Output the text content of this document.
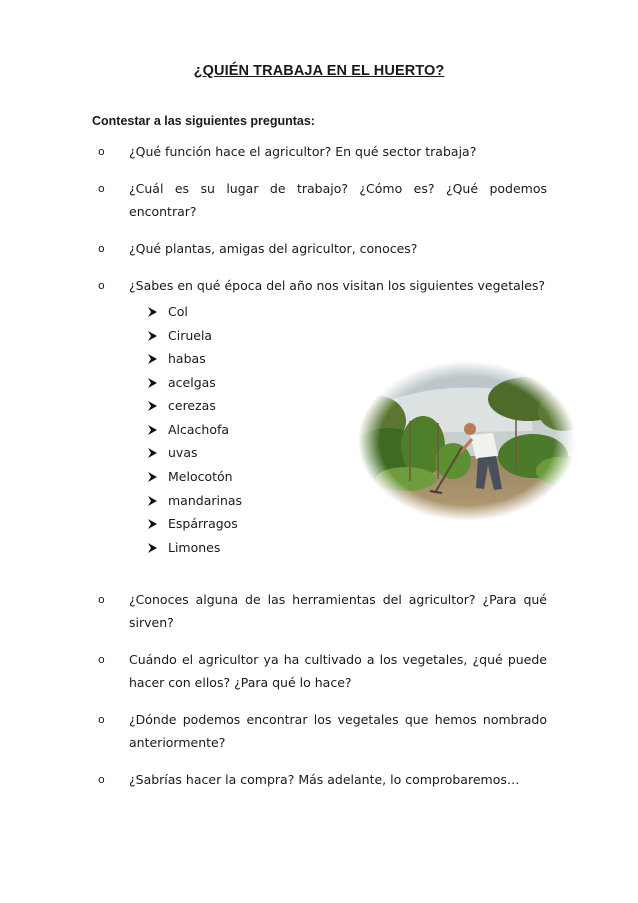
¿QUIÉN TRABAJA EN EL HUERTO?
Contestar a las siguientes preguntas:
o ¿Qué función hace el agricultor? En qué sector trabaja?
o ¿Cuál es su lugar de trabajo? ¿Cómo es? ¿Qué podemos
encontrar?
o ¿Qué plantas, amigas del agricultor, conoces?
o ¿Sabes en qué época del año nos visitan los siguientes vegetales?
Col
Ciruela
habas
acelgas
cerezas
Alcachofa
uvas
Melocotón
mandarinas
Espárragos
Limones
o ¿Conoces alguna de las herramientas del agricultor? ¿Para qué
sirven?
o Cuándo el agricultor ya ha cultivado a los vegetales, ¿qué puede
hacer con ellos? ¿Para qué lo hace?
o ¿Dónde podemos encontrar los vegetales que hemos nombrado
anteriormente?
o ¿Sabrías hacer la compra? Más adelante, lo comprobaremos…
